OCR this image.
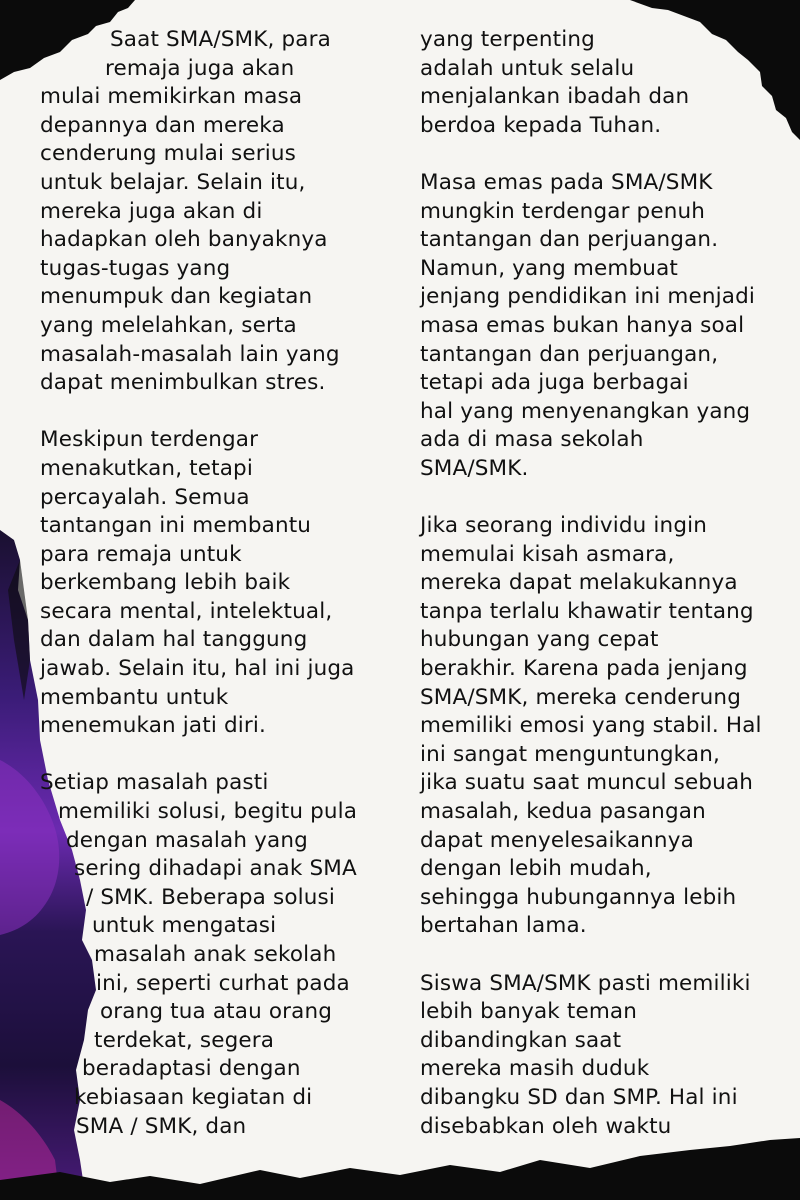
Saat SMA/SMK, para
remaja juga akan
mulai memikirkan masa
depannya dan mereka
cenderung mulai serius
untuk belajar. Selain itu,
mereka juga akan di
hadapkan oleh banyaknya
tugas-tugas yang
menumpuk dan kegiatan
yang melelahkan, serta
masalah-masalah lain yang
dapat menimbulkan stres.
Meskipun terdengar
menakutkan, tetapi
percayalah. Semua
tantangan ini membantu
para remaja untuk
berkembang lebih baik
secara mental, intelektual,
dan dalam hal tanggung
jawab. Selain itu, hal ini juga
membantu untuk
menemukan jati diri.
Setiap masalah pasti
memiliki solusi, begitu pula
dengan masalah yang
sering dihadapi anak SMA
/ SMK. Beberapa solusi
untuk mengatasi
masalah anak sekolah
ini, seperti curhat pada
orang tua atau orang
terdekat, segera
beradaptasi dengan
kebiasaan kegiatan di
SMA / SMK, dan
yang terpenting
adalah untuk selalu
menjalankan ibadah dan
berdoa kepada Tuhan.
Masa emas pada SMA/SMK
mungkin terdengar penuh
tantangan dan perjuangan.
Namun, yang membuat
jenjang pendidikan ini menjadi
masa emas bukan hanya soal
tantangan dan perjuangan,
tetapi ada juga berbagai
hal yang menyenangkan yang
ada di masa sekolah
SMA/SMK.
Jika seorang individu ingin
memulai kisah asmara,
mereka dapat melakukannya
tanpa terlalu khawatir tentang
hubungan yang cepat
berakhir. Karena pada jenjang
SMA/SMK, mereka cenderung
memiliki emosi yang stabil. Hal
ini sangat menguntungkan,
jika suatu saat muncul sebuah
masalah, kedua pasangan
dapat menyelesaikannya
dengan lebih mudah,
sehingga hubungannya lebih
bertahan lama.
Siswa SMA/SMK pasti memiliki
lebih banyak teman
dibandingkan saat
mereka masih duduk
dibangku SD dan SMP. Hal ini
disebabkan oleh waktu
